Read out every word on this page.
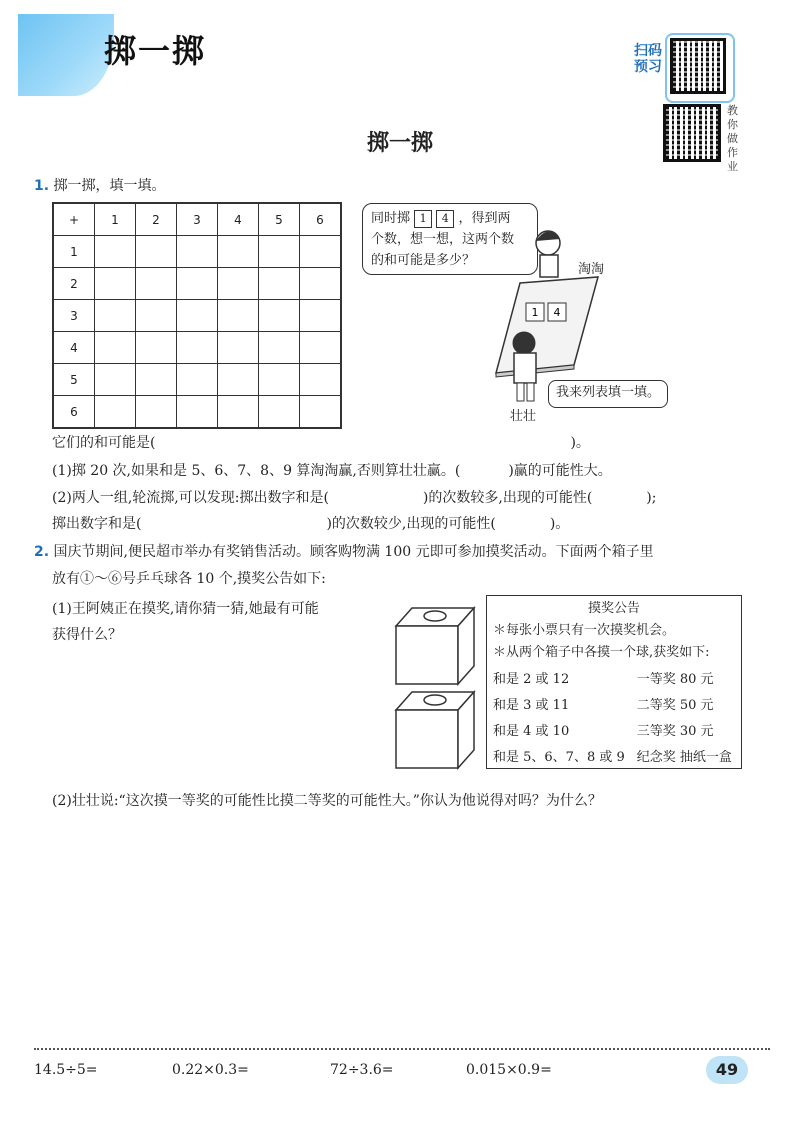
掷一掷	扫码
预习
教你做作业
掷一掷
1. 掷一掷，填一填。
+	1	2	3	4	5	6
1						
2						
3						
4						
5						
6						
同时掷 1 4 ，得到两
个数，想一想，这两个数
的和可能是多少？
1 4
淘淘
我来列表填一填。
壮壮
它们的和可能是(	)。
(1)掷 20 次,如果和是 5、6、7、8、9 算淘淘赢,否则算壮壮赢。(	)赢的可能性大。
(2)两人一组,轮流掷,可以发现:掷出数字和是(	)的次数较多,出现的可能性(	);
掷出数字和是(	)的次数较少,出现的可能性(	)。
2. 国庆节期间,便民超市举办有奖销售活动。顾客购物满 100 元即可参加摸奖活动。下面两个箱子里
放有①～⑥号乒乓球各 10 个,摸奖公告如下:
(1)王阿姨正在摸奖,请你猜一猜,她最有可能
获得什么？
摸奖公告
＊每张小票只有一次摸奖机会。
＊从两个箱子中各摸一个球,获奖如下:
和是 2 或 12	一等奖 80 元
和是 3 或 11	二等奖 50 元
和是 4 或 10	三等奖 30 元
和是 5、6、7、8 或 9	纪念奖 抽纸一盒
(2)壮壮说:“这次摸一等奖的可能性比摸二等奖的可能性大。”你认为他说得对吗？为什么？
14.5÷5=	0.22×0.3=	72÷3.6=	0.015×0.9=	49
